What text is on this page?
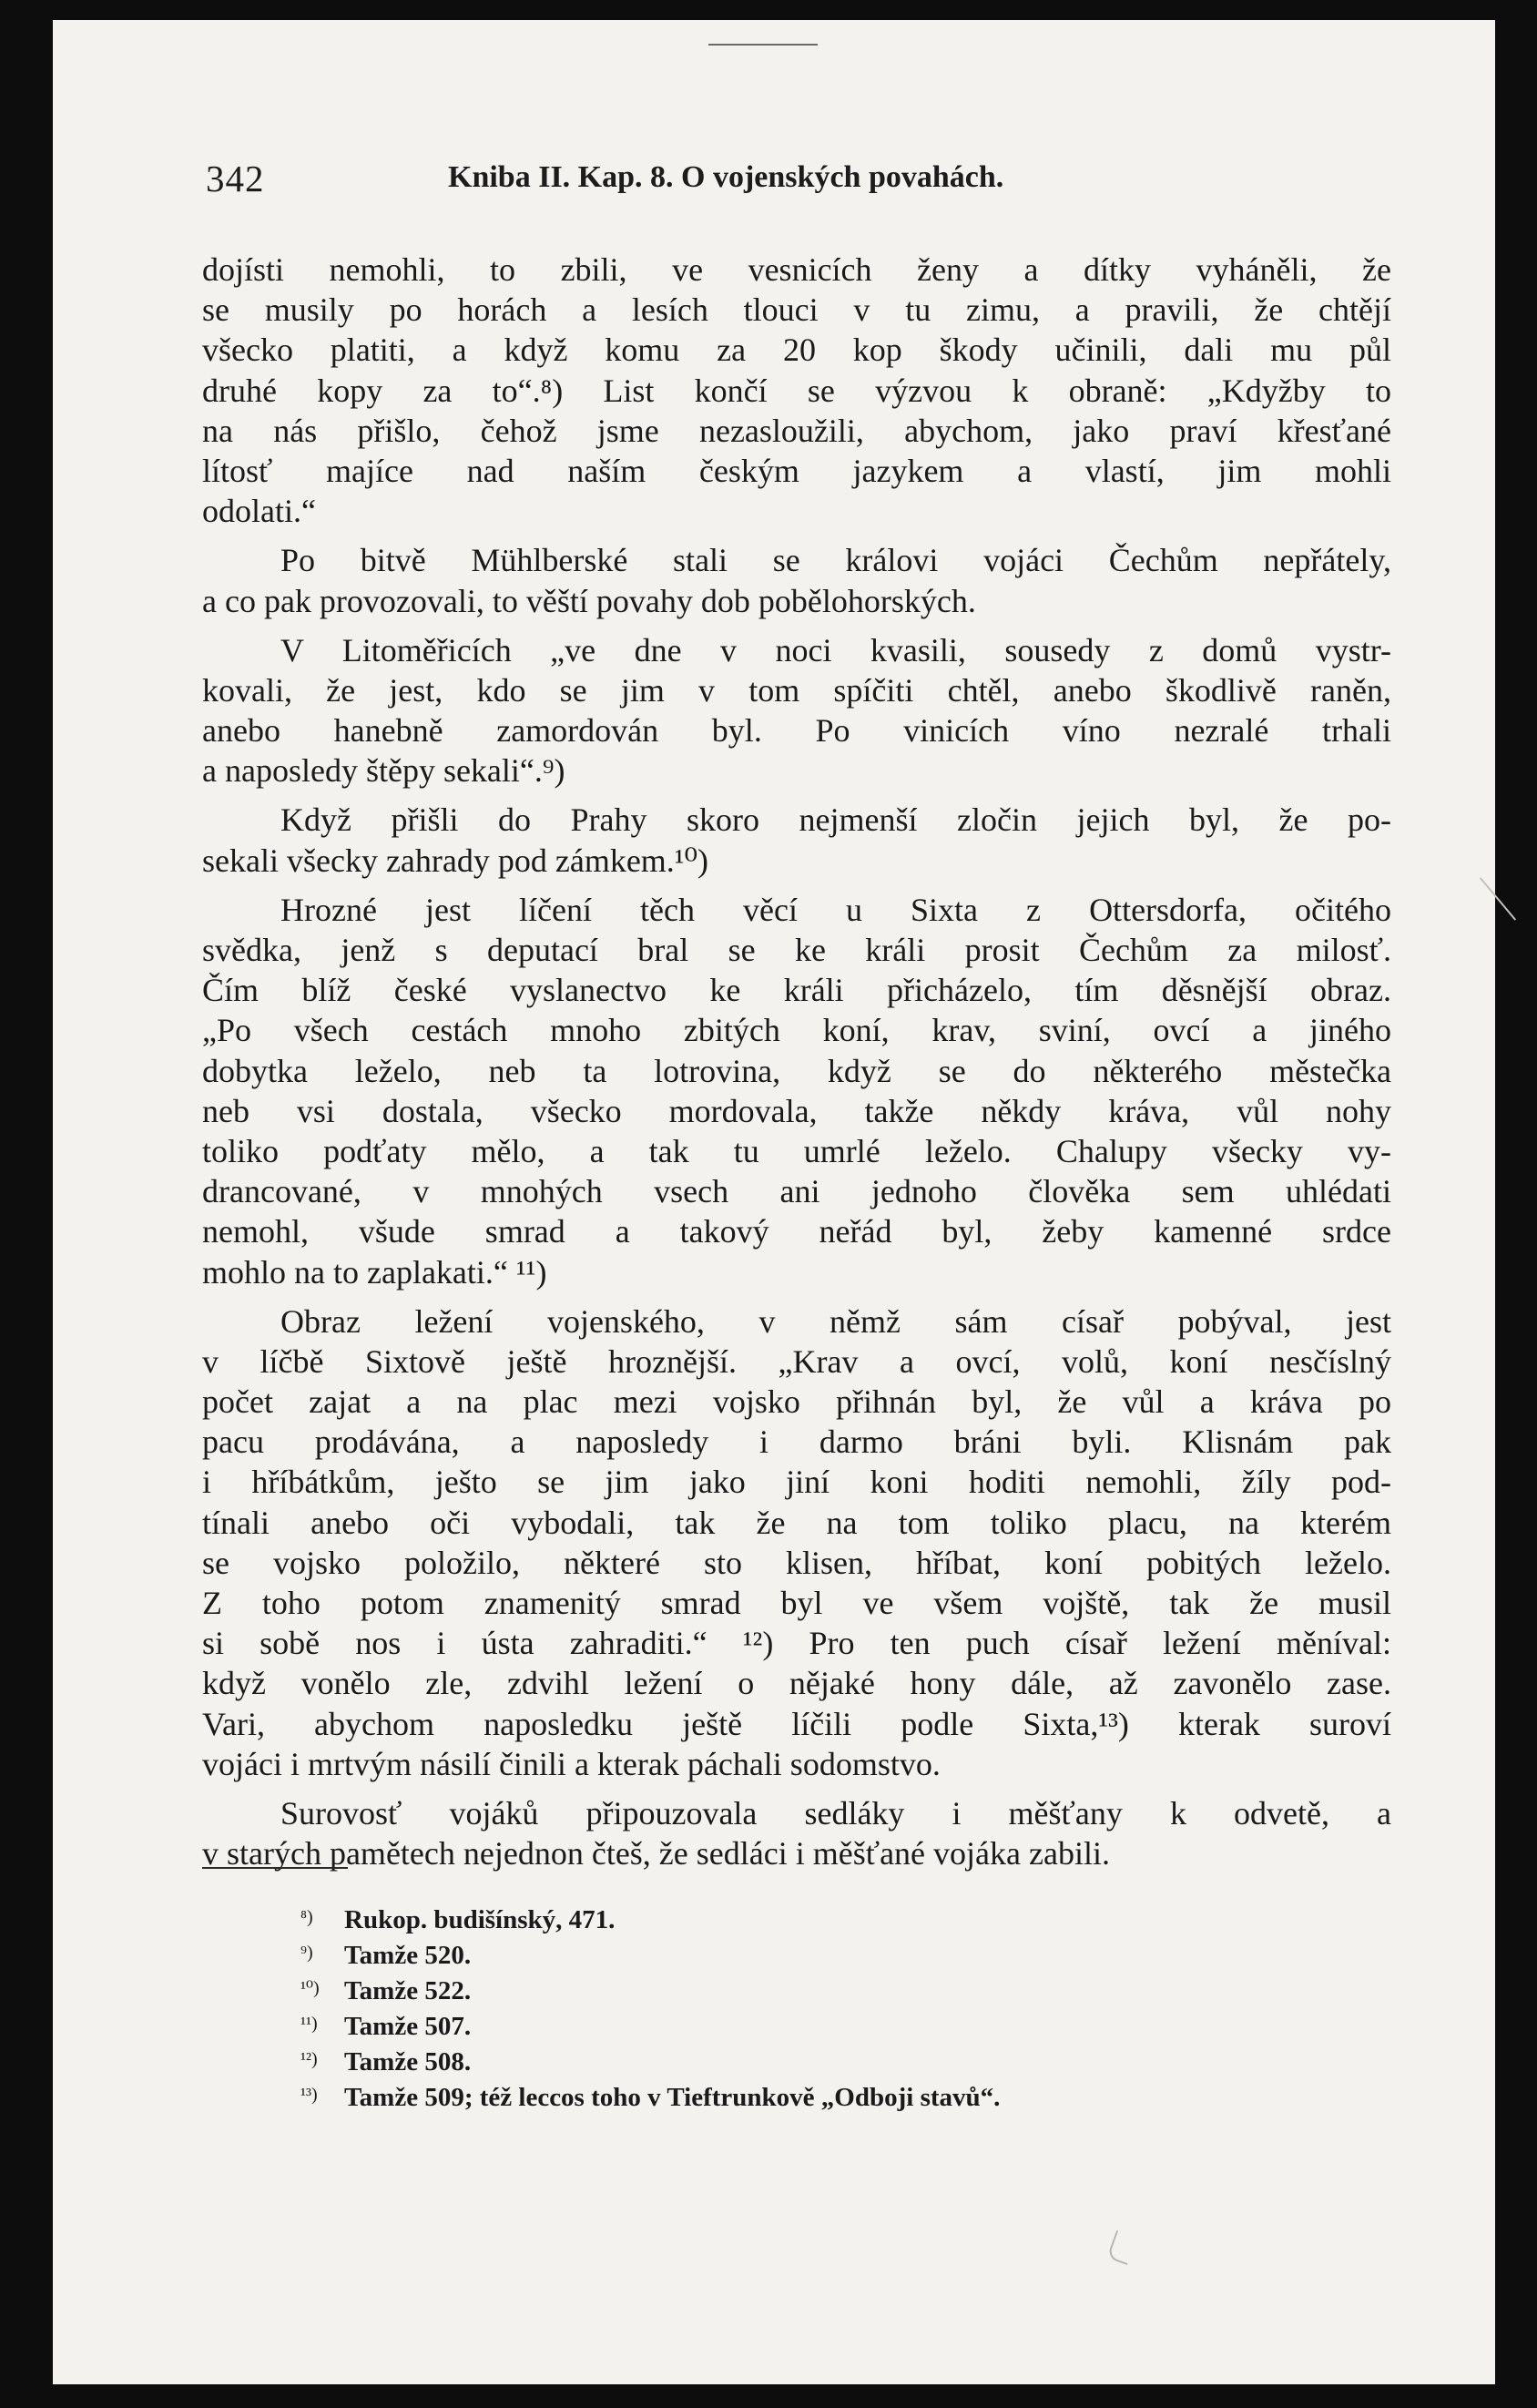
342	Kniba II. Kap. 8. O vojenských povahách.
dojísti nemohli, to zbili, ve vesnicích ženy a dítky vyháněli, že
se musily po horách a lesích tlouci v tu zimu, a pravili, že chtějí
všecko platiti, a když komu za 20 kop škody učinili, dali mu půl
druhé kopy za to“.⁸) List končí se výzvou k obraně: „Kdyžby to
na nás přišlo, čehož jsme nezasloužili, abychom, jako praví křesťané
lítosť majíce nad naším českým jazykem a vlastí, jim mohli
odolati.“
Po bitvě Mühlberské stali se královi vojáci Čechům nepřátely,
a co pak provozovali, to věští povahy dob pobělohorských.
V Litoměřicích „ve dne v noci kvasili, sousedy z domů vystr-
kovali, že jest, kdo se jim v tom spíčiti chtěl, anebo škodlivě raněn,
anebo hanebně zamordován byl. Po vinicích víno nezralé trhali
a naposledy štěpy sekali“.⁹)
Když přišli do Prahy skoro nejmenší zločin jejich byl, že po-
sekali všecky zahrady pod zámkem.¹⁰)
Hrozné jest líčení těch věcí u Sixta z Ottersdorfa, očitého
svědka, jenž s deputací bral se ke králi prosit Čechům za milosť.
Čím blíž české vyslanectvo ke králi přicházelo, tím děsnější obraz.
„Po všech cestách mnoho zbitých koní, krav, sviní, ovcí a jiného
dobytka leželo, neb ta lotrovina, když se do některého městečka
neb vsi dostala, všecko mordovala, takže někdy kráva, vůl nohy
toliko podťaty mělo, a tak tu umrlé leželo. Chalupy všecky vy-
drancované, v mnohých vsech ani jednoho člověka sem uhlédati
nemohl, všude smrad a takový neřád byl, žeby kamenné srdce
mohlo na to zaplakati.“ ¹¹)
Obraz ležení vojenského, v němž sám císař pobýval, jest
v líčbě Sixtově ještě hroznější. „Krav a ovcí, volů, koní nesčíslný
počet zajat a na plac mezi vojsko přihnán byl, že vůl a kráva po
pacu prodávána, a naposledy i darmo bráni byli. Klisnám pak
i hříbátkům, ješto se jim jako jiní koni hoditi nemohli, žíly pod-
tínali anebo oči vybodali, tak že na tom toliko placu, na kterém
se vojsko položilo, některé sto klisen, hříbat, koní pobitých leželo.
Z toho potom znamenitý smrad byl ve všem vojště, tak že musil
si sobě nos i ústa zahraditi.“ ¹²) Pro ten puch císař ležení měníval:
když vonělo zle, zdvihl ležení o nějaké hony dále, až zavonělo zase.
Vari, abychom naposledku ještě líčili podle Sixta,¹³) kterak suroví
vojáci i mrtvým násilí činili a kterak páchali sodomstvo.
Surovosť vojáků připouzovala sedláky i měšťany k odvetě, a
v starých pamětech nejednon čteš, že sedláci i měšťané vojáka zabili.
⁸) Rukop. budišínský, 471.
⁹) Tamže 520.
¹⁰) Tamže 522.
¹¹) Tamže 507.
¹²) Tamže 508.
¹³) Tamže 509; též leccos toho v Tieftrunkově „Odboji stavů“.
